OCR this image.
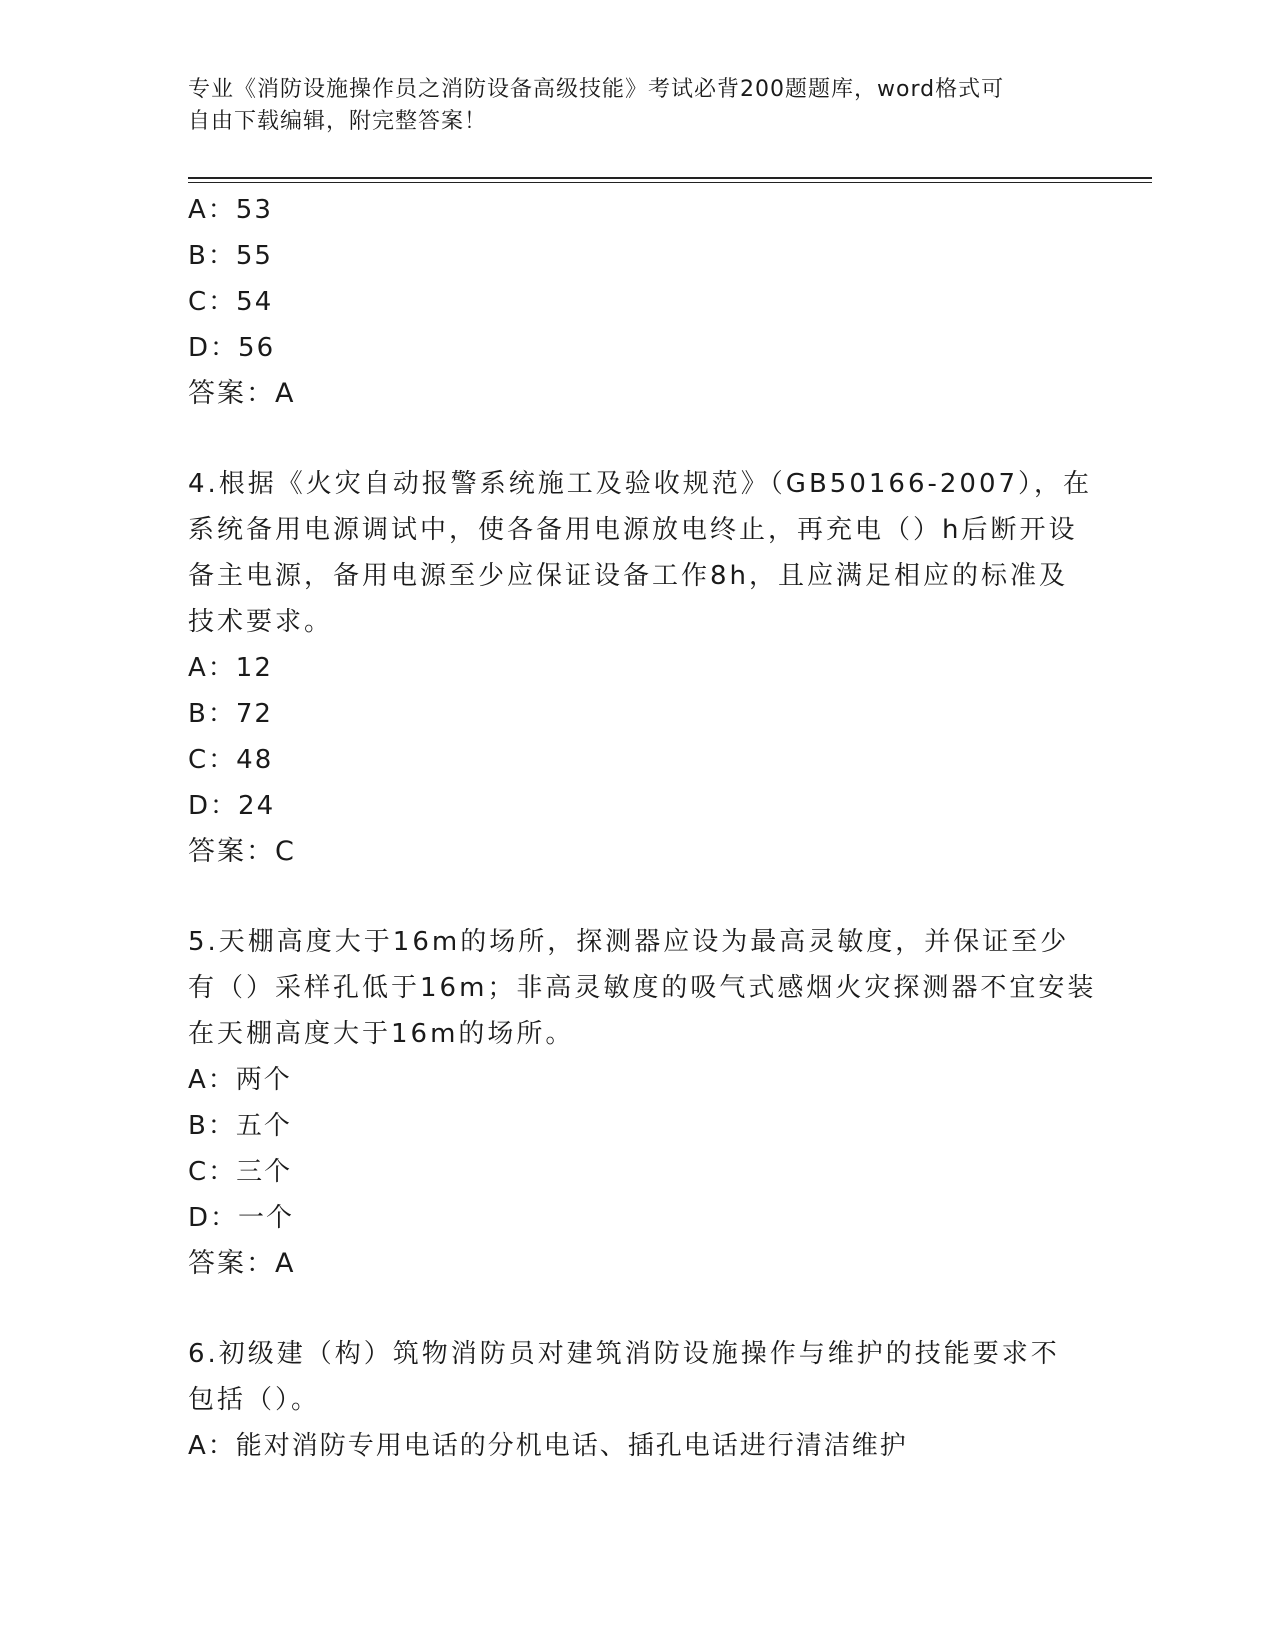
专业《消防设施操作员之消防设备高级技能》考试必背200题题库，word格式可
自由下载编辑，附完整答案！
A：53
B：55
C：54
D：56
答案：A
4.根据《火灾自动报警系统施工及验收规范》（GB50166-2007），在
系统备用电源调试中，使各备用电源放电终止，再充电（）h后断开设
备主电源，备用电源至少应保证设备工作8h，且应满足相应的标准及
技术要求。
A：12
B：72
C：48
D：24
答案：C
5.天棚高度大于16m的场所，探测器应设为最高灵敏度，并保证至少
有（）采样孔低于16m；非高灵敏度的吸气式感烟火灾探测器不宜安装
在天棚高度大于16m的场所。
A：两个
B：五个
C：三个
D：一个
答案：A
6.初级建（构）筑物消防员对建筑消防设施操作与维护的技能要求不
包括（）。
A：能对消防专用电话的分机电话、插孔电话进行清洁维护
